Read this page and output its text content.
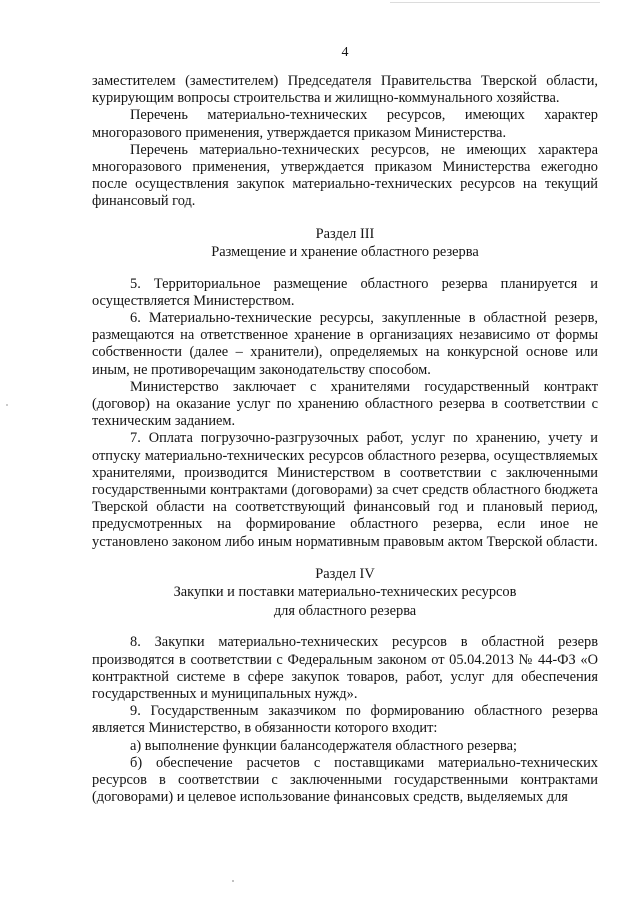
4

заместителем (заместителем) Председателя Правительства Тверской области, курирующим вопросы строительства и жилищно-коммунального хозяйства.

Перечень материально-технических ресурсов, имеющих характер многоразового применения, утверждается приказом Министерства.

Перечень материально-технических ресурсов, не имеющих характера многоразового применения, утверждается приказом Министерства ежегодно после осуществления закупок материально-технических ресурсов на текущий финансовый год.

Раздел III
Размещение и хранение областного резерва

5. Территориальное размещение областного резерва планируется и осуществляется Министерством.

6. Материально-технические ресурсы, закупленные в областной резерв, размещаются на ответственное хранение в организациях независимо от формы собственности (далее – хранители), определяемых на конкурсной основе или иным, не противоречащим законодательству способом.

Министерство заключает с хранителями государственный контракт (договор) на оказание услуг по хранению областного резерва в соответствии с техническим заданием.

7. Оплата погрузочно-разгрузочных работ, услуг по хранению, учету и отпуску материально-технических ресурсов областного резерва, осуществляемых хранителями, производится Министерством в соответствии с заключенными государственными контрактами (договорами) за счет средств областного бюджета Тверской области на соответствующий финансовый год и плановый период, предусмотренных на формирование областного резерва, если иное не установлено законом либо иным нормативным правовым актом Тверской области.

Раздел IV
Закупки и поставки материально-технических ресурсов
для областного резерва

8. Закупки материально-технических ресурсов в областной резерв производятся в соответствии с Федеральным законом от 05.04.2013 № 44-ФЗ «О контрактной системе в сфере закупок товаров, работ, услуг для обеспечения государственных и муниципальных нужд».

9. Государственным заказчиком по формированию областного резерва является Министерство, в обязанности которого входит:

а) выполнение функции балансодержателя областного резерва;

б) обеспечение расчетов с поставщиками материально-технических ресурсов в соответствии с заключенными государственными контрактами (договорами) и целевое использование финансовых средств, выделяемых для
